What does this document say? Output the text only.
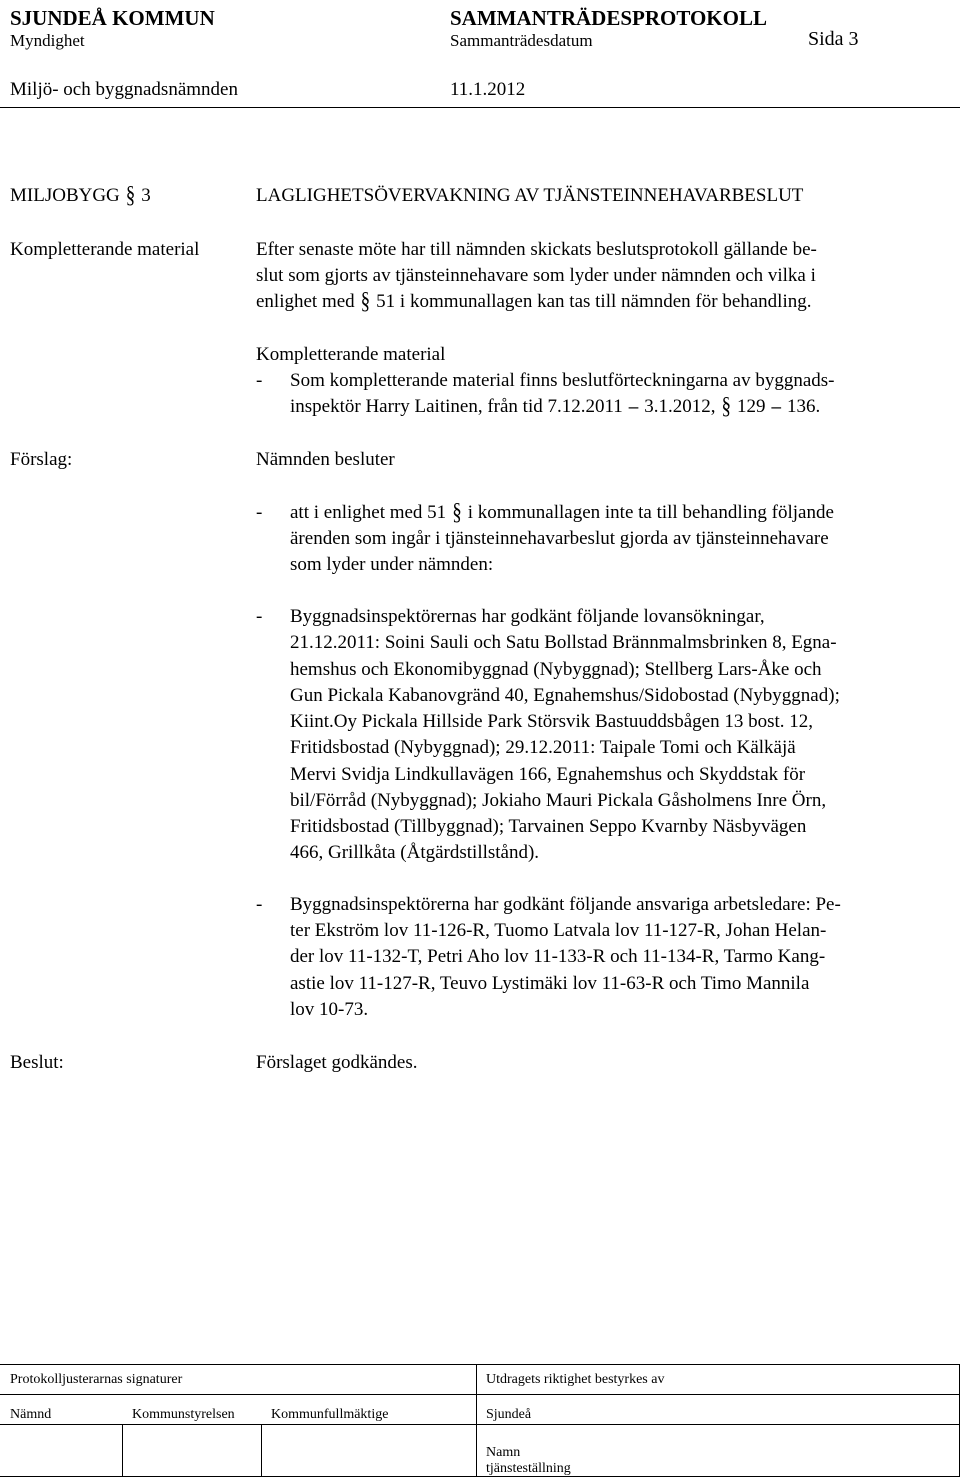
SJUNDEÅ KOMMUN	SAMMANTRÄDESPROTOKOLL
Myndighet	Sammanträdesdatum	Sida 3
Miljö- och byggnadsnämnden	11.1.2012
MILJOBYGG § 3	LAGLIGHETSÖVERVAKNING AV TJÄNSTEINNEHAVARBESLUT
Kompletterande material	Efter senaste möte har till nämnden skickats beslutsprotokoll gällande be-
slut som gjorts av tjänsteinnehavare som lyder under nämnden och vilka i
enlighet med § 51 i kommunallagen kan tas till nämnden för behandling.
Kompletterande material
- Som kompletterande material finns beslutförteckningarna av byggnads-
inspektör Harry Laitinen, från tid 7.12.2011 – 3.1.2012, § 129 – 136.
Förslag:	Nämnden besluter
- att i enlighet med 51 § i kommunallagen inte ta till behandling följande
ärenden som ingår i tjänsteinnehavarbeslut gjorda av tjänsteinnehavare
som lyder under nämnden:
- Byggnadsinspektörernas har godkänt följande lovansökningar,
21.12.2011: Soini Sauli och Satu Bollstad Brännmalmsbrinken 8, Egna-
hemshus och Ekonomibyggnad (Nybyggnad); Stellberg Lars-Åke och
Gun Pickala Kabanovgränd 40, Egnahemshus/Sidobostad (Nybyggnad);
Kiint.Oy Pickala Hillside Park Störsvik Bastuuddsbågen 13 bost. 12,
Fritidsbostad (Nybyggnad); 29.12.2011: Taipale Tomi och Kälkäjä
Mervi Svidja Lindkullavägen 166, Egnahemshus och Skyddstak för
bil/Förråd (Nybyggnad); Jokiaho Mauri Pickala Gåsholmens Inre Örn,
Fritidsbostad (Tillbyggnad); Tarvainen Seppo Kvarnby Näsbyvägen
466, Grillkåta (Åtgärdstillstånd).
- Byggnadsinspektörerna har godkänt följande ansvariga arbetsledare: Pe-
ter Ekström lov 11-126-R, Tuomo Latvala lov 11-127-R, Johan Helan-
der lov 11-132-T, Petri Aho lov 11-133-R och 11-134-R, Tarmo Kang-
astie lov 11-127-R, Teuvo Lystimäki lov 11-63-R och Timo Mannila
lov 10-73.
Beslut:	Förslaget godkändes.
Protokolljusterarnas signaturer	Utdragets riktighet bestyrkes av
Nämnd	Kommunstyrelsen	Kommunfullmäktige	Sjundeå
Namn
tjänsteställning
